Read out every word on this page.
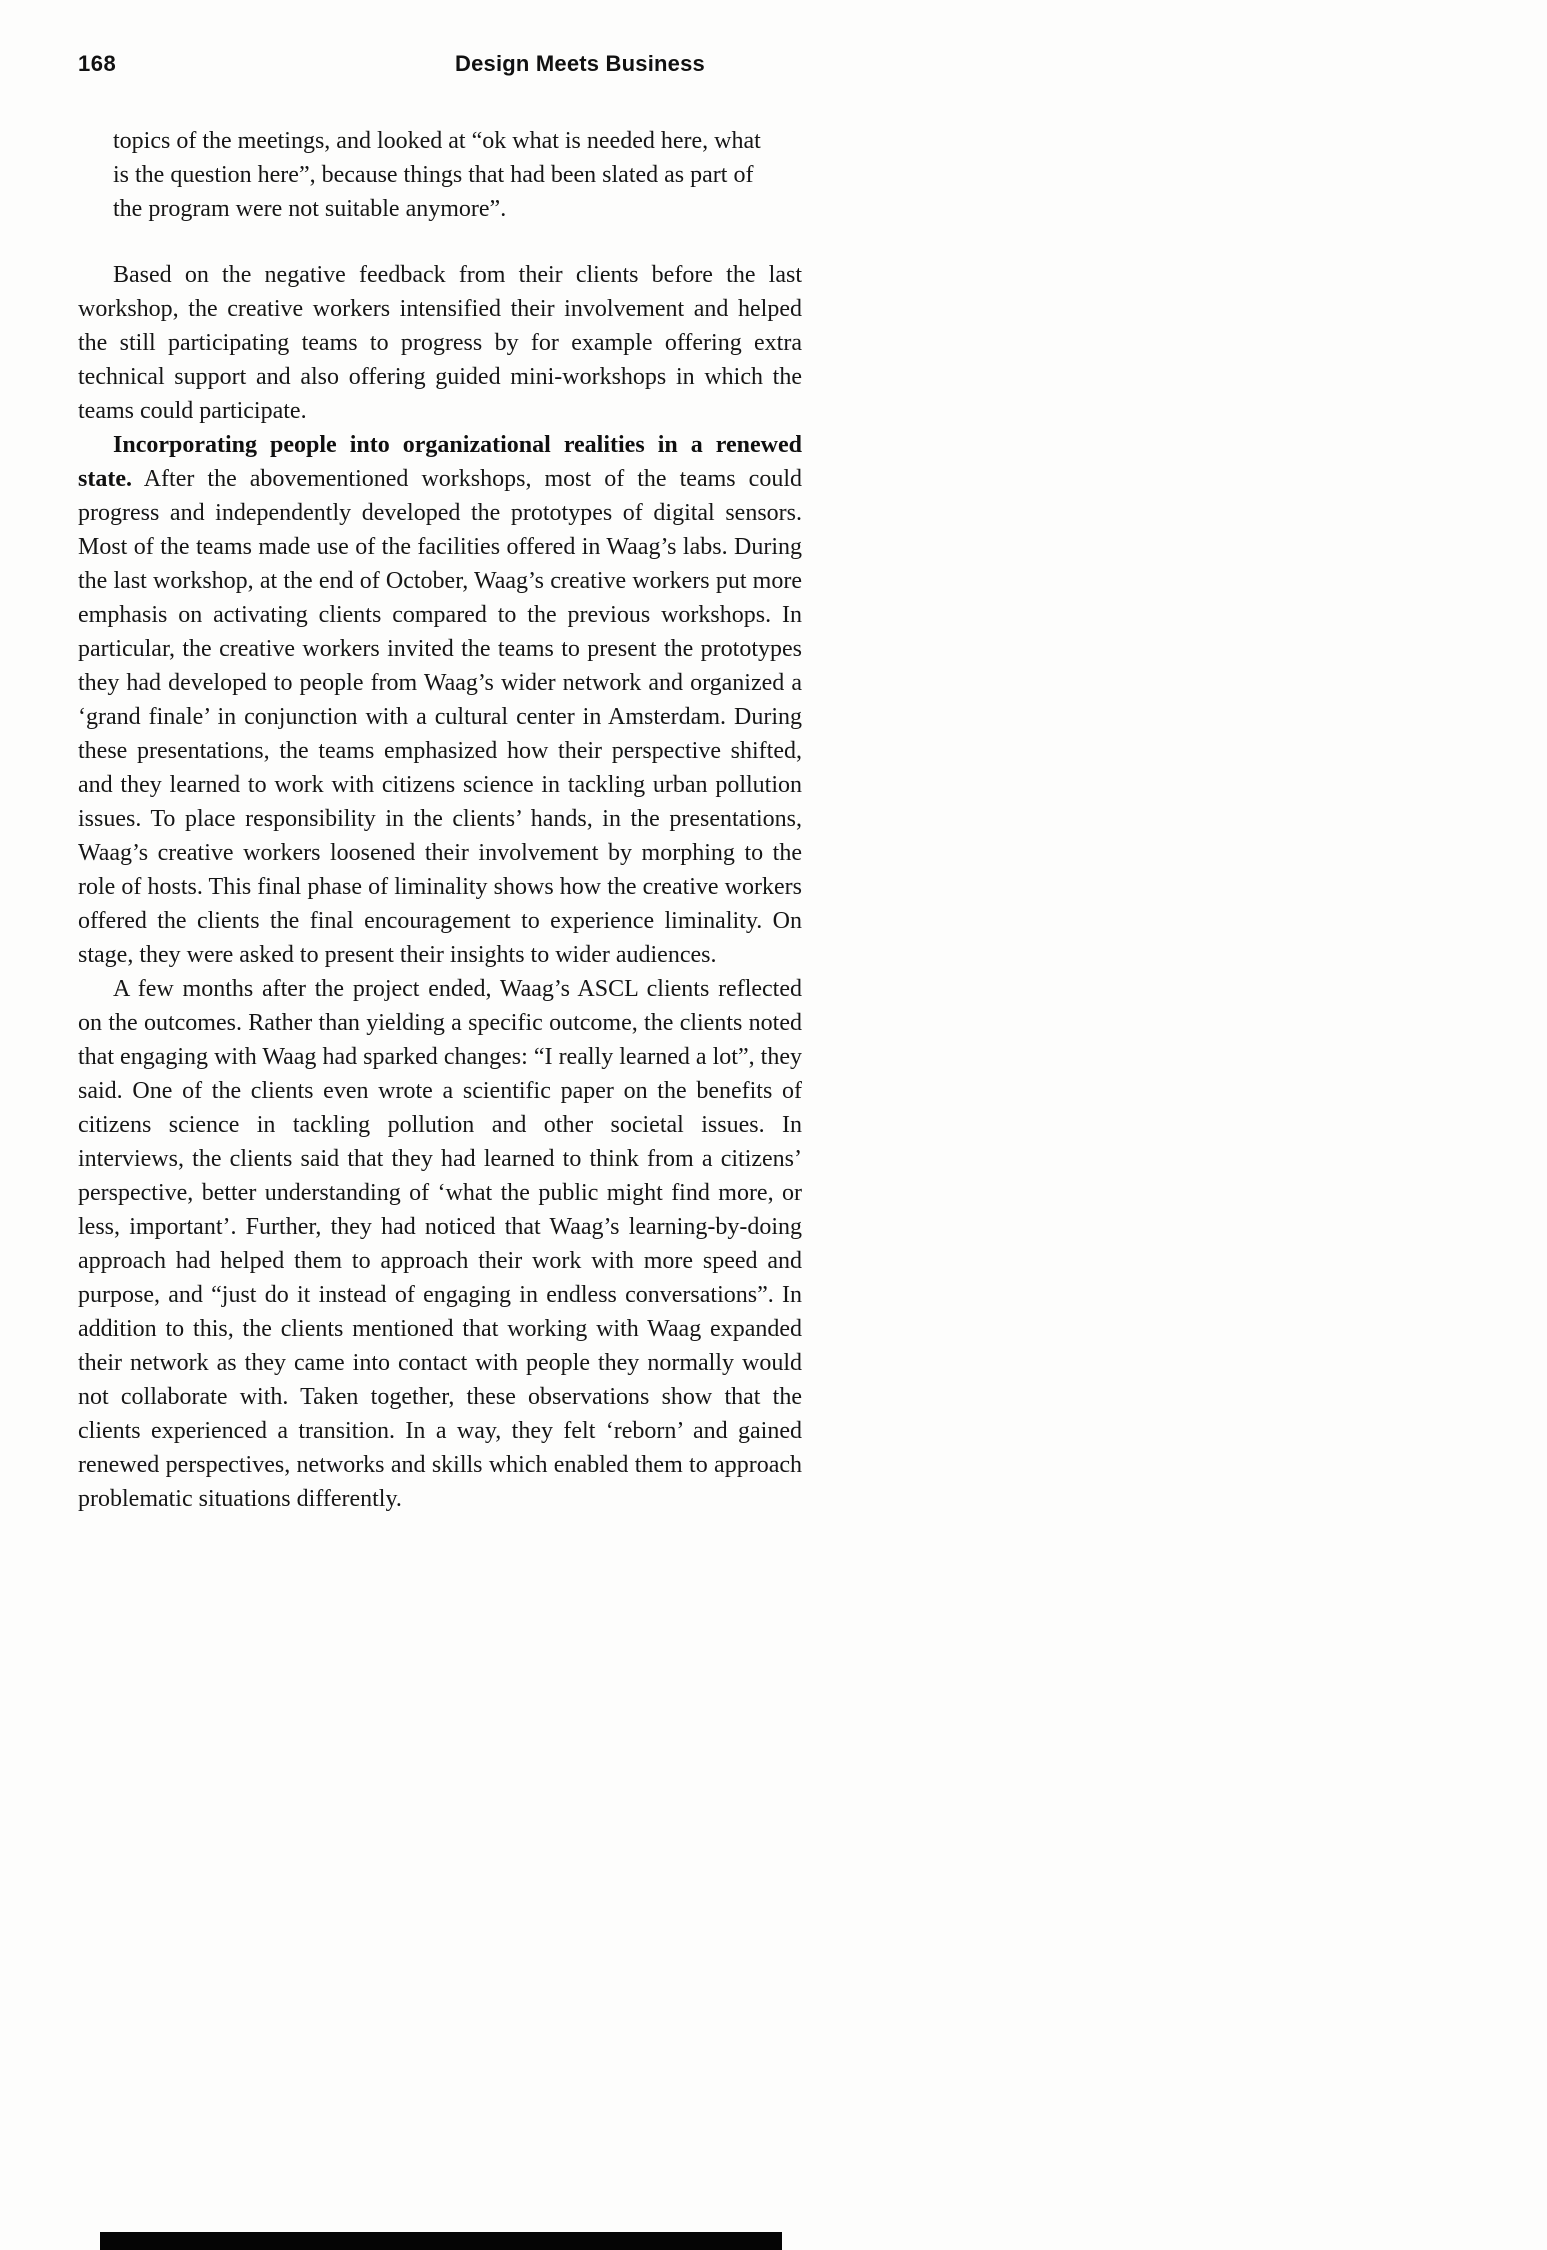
168	Design Meets Business
topics of the meetings, and looked at “ok what is needed here, what is the question here”, because things that had been slated as part of the program were not suitable anymore”.

Based on the negative feedback from their clients before the last workshop, the creative workers intensified their involvement and helped the still participating teams to progress by for example offering extra technical support and also offering guided mini-workshops in which the teams could participate.

Incorporating people into organizational realities in a renewed state. After the abovementioned workshops, most of the teams could progress and independently developed the prototypes of digital sensors. Most of the teams made use of the facilities offered in Waag’s labs. During the last workshop, at the end of October, Waag’s creative workers put more emphasis on activating clients compared to the previous workshops. In particular, the creative workers invited the teams to present the prototypes they had developed to people from Waag’s wider network and organized a ‘grand finale’ in conjunction with a cultural center in Amsterdam. During these presentations, the teams emphasized how their perspective shifted, and they learned to work with citizens science in tackling urban pollution issues. To place responsibility in the clients’ hands, in the presentations, Waag’s creative workers loosened their involvement by morphing to the role of hosts. This final phase of liminality shows how the creative workers offered the clients the final encouragement to experience liminality. On stage, they were asked to present their insights to wider audiences.

A few months after the project ended, Waag’s ASCL clients reflected on the outcomes. Rather than yielding a specific outcome, the clients noted that engaging with Waag had sparked changes: “I really learned a lot”, they said. One of the clients even wrote a scientific paper on the benefits of citizens science in tackling pollution and other societal issues. In interviews, the clients said that they had learned to think from a citizens’ perspective, better understanding of ‘what the public might find more, or less, important’. Further, they had noticed that Waag’s learning-by-doing approach had helped them to approach their work with more speed and purpose, and “just do it instead of engaging in endless conversations”. In addition to this, the clients mentioned that working with Waag expanded their network as they came into contact with people they normally would not collaborate with. Taken together, these observations show that the clients experienced a transition. In a way, they felt ‘reborn’ and gained renewed perspectives, networks and skills which enabled them to approach problematic situations differently.
